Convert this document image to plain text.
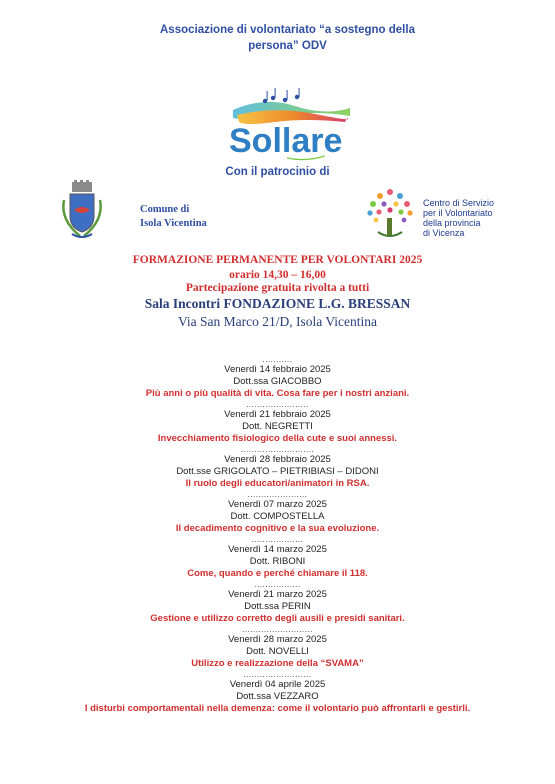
Associazione di volontariato “a sostegno della
persona” ODV
Sollare
Con il patrocinio di
Comune di
Isola Vicentina
Centro di Servizio
per il Volontariato
della provincia
di Vicenza
FORMAZIONE PERMANENTE PER VOLONTARI 2025
orario 14,30 – 16,00
Partecipazione gratuita rivolta a tutti
Sala Incontri FONDAZIONE L.G. BRESSAN
Via San Marco 21/D, Isola Vicentina
...........
Venerdì 14 febbraio 2025
Dott.ssa GIACOBBO
Più anni o più qualità di vita. Cosa fare per i nostri anziani.
.......................
Venerdì 21 febbraio 2025
Dott. NEGRETTI
Invecchiamento fisiologico della cute e suoi annessi.
...........................
Venerdì 28 febbraio 2025
Dott.sse GRIGOLATO – PIETRIBIASI – DIDONI
Il ruolo degli educatori/animatori in RSA.
......................
Venerdì 07 marzo 2025
Dott. COMPOSTELLA
Il decadimento cognitivo e la sua evoluzione.
...................
Venerdì 14 marzo 2025
Dott. RIBONI
Come, quando e perché chiamare il 118.
.................
Venerdì 21 marzo 2025
Dott.ssa PERIN
Gestione e utilizzo corretto degli ausili e presidi sanitari.
..........................
Venerdì 28 marzo 2025
Dott. NOVELLI
Utilizzo e realizzazione della “SVAMA”
.........................
Venerdì 04 aprile 2025
Dott.ssa VEZZARO
I disturbi comportamentali nella demenza: come il volontario può affrontarli e gestirli.
